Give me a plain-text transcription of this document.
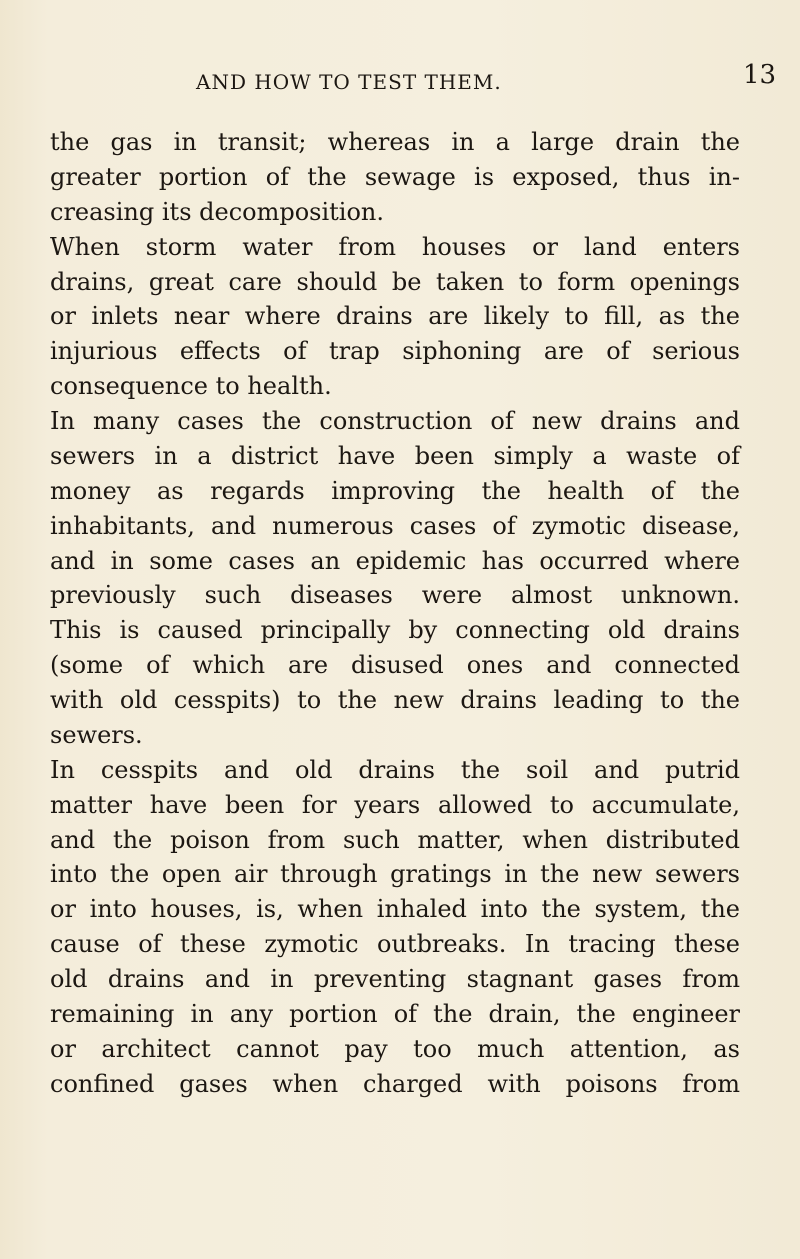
AND HOW TO TEST THEM.	13
the gas in transit; whereas in a large drain the
greater portion of the sewage is exposed, thus in-
creasing its decomposition.
When storm water from houses or land enters
drains, great care should be taken to form openings
or inlets near where drains are likely to fill, as the
injurious effects of trap siphoning are of serious
consequence to health.
In many cases the construction of new drains and
sewers in a district have been simply a waste of
money as regards improving the health of the
inhabitants, and numerous cases of zymotic disease,
and in some cases an epidemic has occurred where
previously such diseases were almost unknown.
This is caused principally by connecting old drains
(some of which are disused ones and connected
with old cesspits) to the new drains leading to the
sewers.
In cesspits and old drains the soil and putrid
matter have been for years allowed to accumulate,
and the poison from such matter, when distributed
into the open air through gratings in the new sewers
or into houses, is, when inhaled into the system, the
cause of these zymotic outbreaks. In tracing these
old drains and in preventing stagnant gases from
remaining in any portion of the drain, the engineer
or architect cannot pay too much attention, as
confined gases when charged with poisons from
